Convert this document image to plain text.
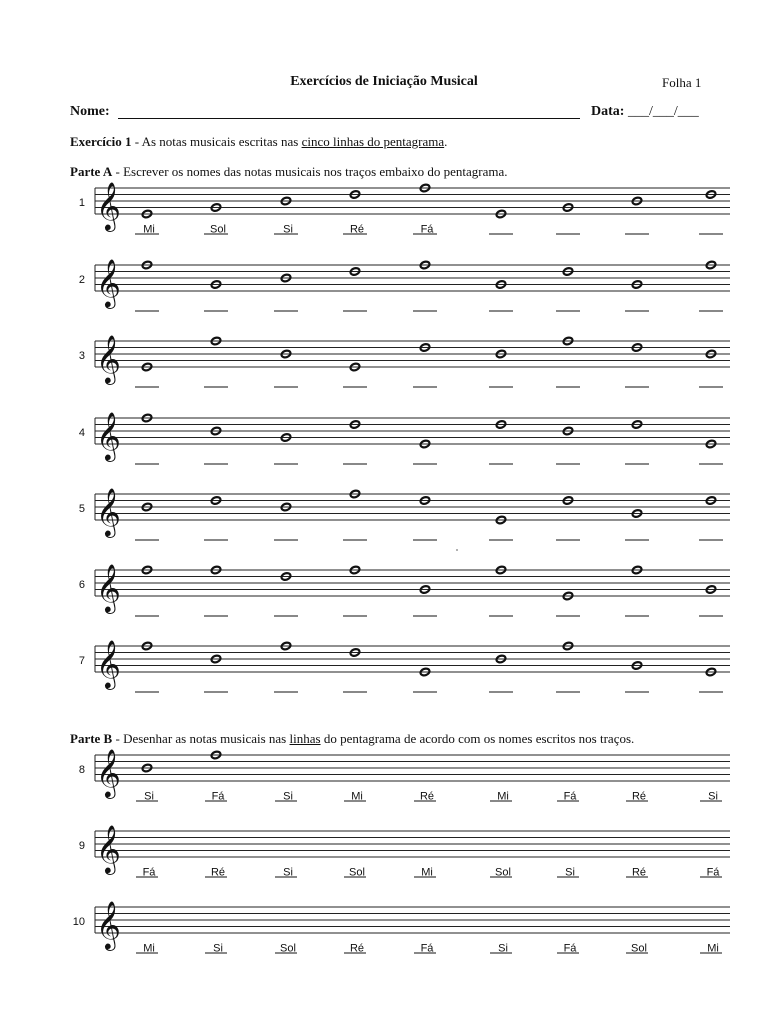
Exercícios de Iniciação Musical	Folha 1
Nome:	Data: ___/___/___
Exercício 1 - As notas musicais escritas nas cinco linhas do pentagrama.
Parte A - Escrever os nomes das notas musicais nos traços embaixo do pentagrama.
Parte B - Desenhar as notas musicais nas linhas do pentagrama de acordo com os nomes escritos nos traços.
1 𝄞 Mi	Sol	Si	Ré	Fá
2 𝄞
3 𝄞
4 𝄞
5 𝄞
6 𝄞
7 𝄞
8 𝄞 Si	Fá	Si	Mi	Ré	Mi	Fá	Ré	Si
9 𝄞 Fá	Ré	Si	Sol	Mi	Sol	Si	Ré	Fá
10 𝄞 Mi	Si	Sol	Ré	Fá	Si	Fá	Sol	Mi
